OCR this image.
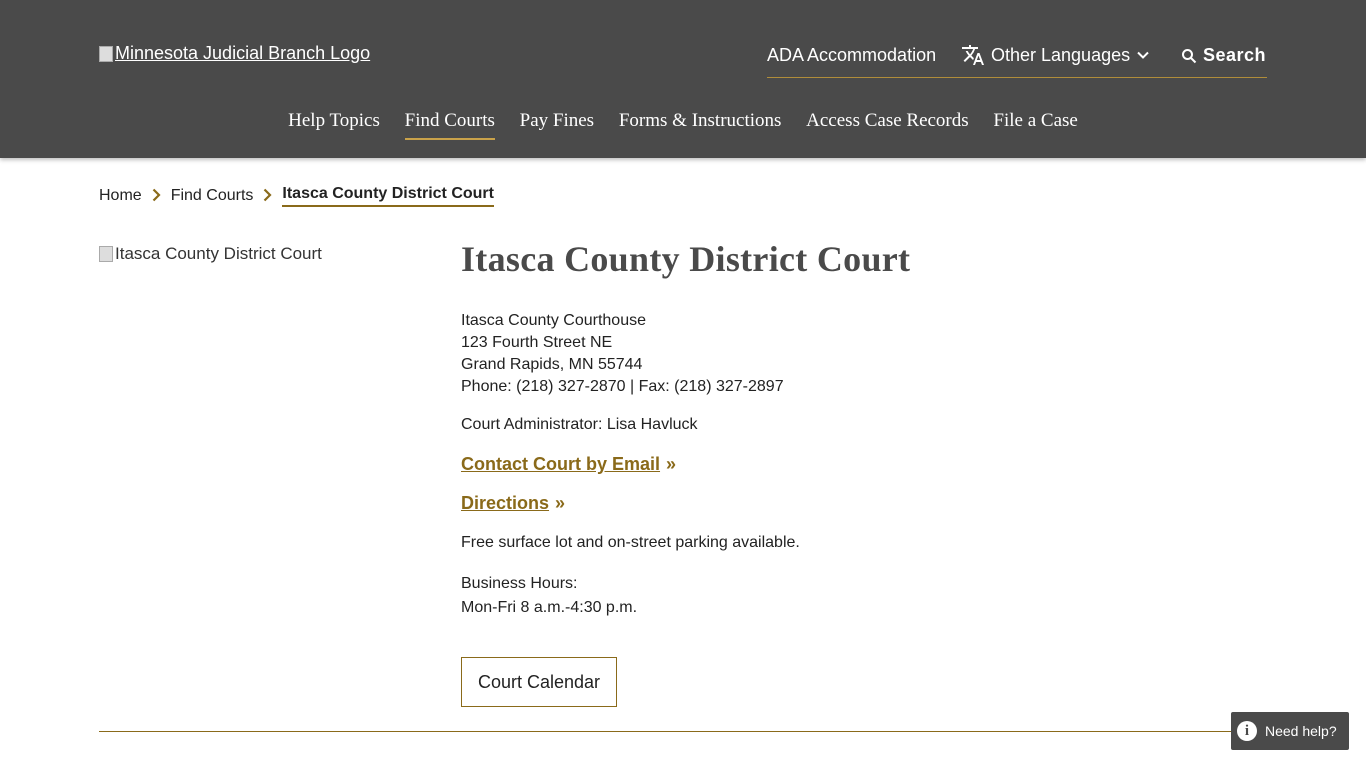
Minnesota Judicial Branch Logo	ADA Accommodation	Other Languages	Search
Help Topics Find Courts Pay Fines Forms & Instructions Access Case Records File a Case
Home Find Courts Itasca County District Court
Itasca County District Court	Itasca County District Court

Itasca County Courthouse
123 Fourth Street NE
Grand Rapids, MN 55744
Phone: (218) 327-2870 | Fax: (218) 327-2897

Court Administrator: Lisa Havluck

Contact Court by Email »
Directions »

Free surface lot and on-street parking available.

Business Hours:
Mon-Fri 8 a.m.-4:30 p.m.

Court Calendar
i	Need help?
